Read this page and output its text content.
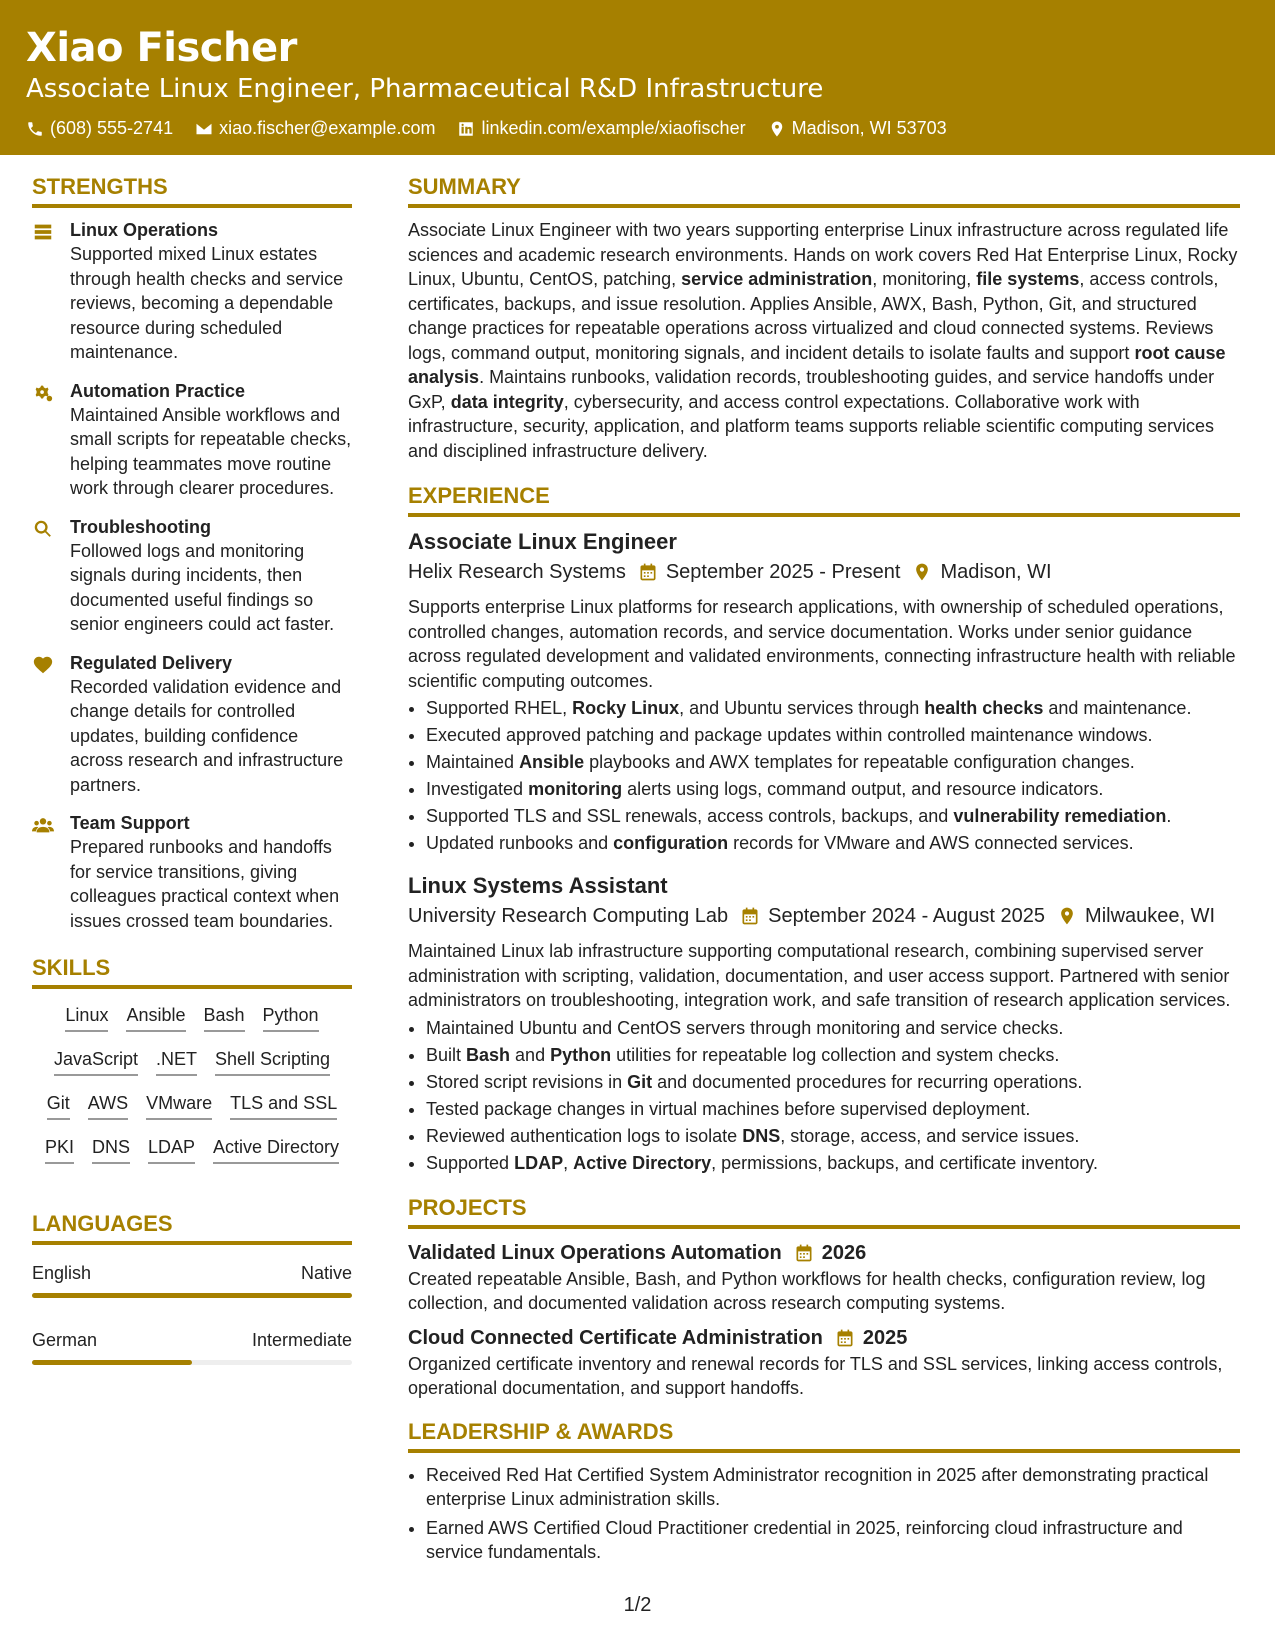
Xiao Fischer
Associate Linux Engineer, Pharmaceutical R&D Infrastructure
(608) 555-2741	xiao.fischer@example.com	linkedin.com/example/xiaofischer	Madison, WI 53703
STRENGTHS
Linux Operations
Supported mixed Linux estates through health checks and service reviews, becoming a dependable resource during scheduled maintenance.
Automation Practice
Maintained Ansible workflows and small scripts for repeatable checks, helping teammates move routine work through clearer procedures.
Troubleshooting
Followed logs and monitoring signals during incidents, then documented useful findings so senior engineers could act faster.
Regulated Delivery
Recorded validation evidence and change details for controlled updates, building confidence across research and infrastructure partners.
Team Support
Prepared runbooks and handoffs for service transitions, giving colleagues practical context when issues crossed team boundaries.
SKILLS
Linux Ansible Bash Python
JavaScript .NET Shell Scripting
Git AWS VMware TLS and SSL
PKI DNS LDAP Active Directory
LANGUAGES
English	Native
German	Intermediate
SUMMARY
Associate Linux Engineer with two years supporting enterprise Linux infrastructure across regulated life sciences and academic research environments. Hands on work covers Red Hat Enterprise Linux, Rocky Linux, Ubuntu, CentOS, patching, service administration, monitoring, file systems, access controls, certificates, backups, and issue resolution. Applies Ansible, AWX, Bash, Python, Git, and structured change practices for repeatable operations across virtualized and cloud connected systems. Reviews logs, command output, monitoring signals, and incident details to isolate faults and support root cause analysis. Maintains runbooks, validation records, troubleshooting guides, and service handoffs under GxP, data integrity, cybersecurity, and access control expectations. Collaborative work with infrastructure, security, application, and platform teams supports reliable scientific computing services and disciplined infrastructure delivery.
EXPERIENCE
Associate Linux Engineer
Helix Research Systems September 2025 - Present Madison, WI
Supports enterprise Linux platforms for research applications, with ownership of scheduled operations, controlled changes, automation records, and service documentation. Works under senior guidance across regulated development and validated environments, connecting infrastructure health with reliable scientific computing outcomes.
• Supported RHEL, Rocky Linux, and Ubuntu services through health checks and maintenance.
• Executed approved patching and package updates within controlled maintenance windows.
• Maintained Ansible playbooks and AWX templates for repeatable configuration changes.
• Investigated monitoring alerts using logs, command output, and resource indicators.
• Supported TLS and SSL renewals, access controls, backups, and vulnerability remediation.
• Updated runbooks and configuration records for VMware and AWS connected services.
Linux Systems Assistant
University Research Computing Lab September 2024 - August 2025 Milwaukee, WI
Maintained Linux lab infrastructure supporting computational research, combining supervised server administration with scripting, validation, documentation, and user access support. Partnered with senior administrators on troubleshooting, integration work, and safe transition of research application services.
• Maintained Ubuntu and CentOS servers through monitoring and service checks.
• Built Bash and Python utilities for repeatable log collection and system checks.
• Stored script revisions in Git and documented procedures for recurring operations.
• Tested package changes in virtual machines before supervised deployment.
• Reviewed authentication logs to isolate DNS, storage, access, and service issues.
• Supported LDAP, Active Directory, permissions, backups, and certificate inventory.
PROJECTS
Validated Linux Operations Automation 2026
Created repeatable Ansible, Bash, and Python workflows for health checks, configuration review, log collection, and documented validation across research computing systems.
Cloud Connected Certificate Administration 2025
Organized certificate inventory and renewal records for TLS and SSL services, linking access controls, operational documentation, and support handoffs.
LEADERSHIP & AWARDS
• Received Red Hat Certified System Administrator recognition in 2025 after demonstrating practical enterprise Linux administration skills.
• Earned AWS Certified Cloud Practitioner credential in 2025, reinforcing cloud infrastructure and service fundamentals.
1/2
